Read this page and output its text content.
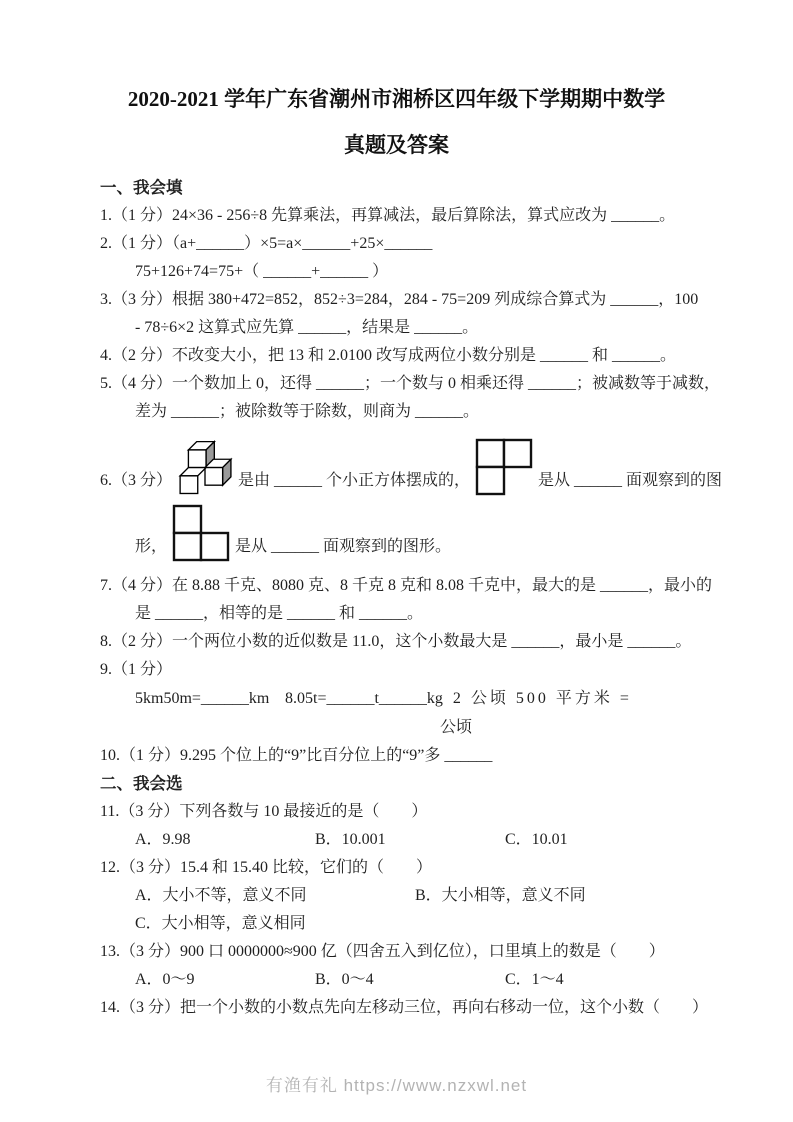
2020-2021 学年广东省潮州市湘桥区四年级下学期期中数学
真题及答案
一、我会填
1.（1 分）24×36 - 256÷8 先算乘法，再算减法，最后算除法，算式应改为 ______。
2.（1 分）（a+______）×5=a×______+25×______
75+126+74=75+（ ______+______ ）
3.（3 分）根据 380+472=852，852÷3=284，284 - 75=209 列成综合算式为 ______，100
- 78÷6×2 这算式应先算 ______，结果是 ______。
4.（2 分）不改变大小，把 13 和 2.0100 改写成两位小数分别是 ______ 和 ______。
5.（4 分）一个数加上 0，还得 ______；一个数与 0 相乘还得 ______；被减数等于减数，
差为 ______；被除数等于除数，则商为 ______。
6.（3 分）	是由 ______ 个小正方体摆成的，	是从 ______ 面观察到的图
形，	是从 ______ 面观察到的图形。
7.（4 分）在 8.88 千克、8080 克、8 千克 8 克和 8.08 千克中，最大的是 ______，最小的
是 ______，相等的是 ______ 和 ______。
8.（2 分）一个两位小数的近似数是 11.0，这个小数最大是 ______，最小是 ______。
9.（1 分）
5km50m=______km 8.05t=______t______kg 2 公顷 500 平方米 =
公顷
10.（1 分）9.295 个位上的“9”比百分位上的“9”多 ______
二、我会选
11.（3 分）下列各数与 10 最接近的是（　　）
A．9.98	B．10.001	C．10.01
12.（3 分）15.4 和 15.40 比较，它们的（　　）
A．大小不等，意义不同	B．大小相等，意义不同
C．大小相等，意义相同
13.（3 分）900 口 0000000≈900 亿（四舍五入到亿位），口里填上的数是（　　）
A．0～9	B．0～4	C．1～4
14.（3 分）把一个小数的小数点先向左移动三位，再向右移动一位，这个小数（　　）
有渔有礼 https://www.nzxwl.net
